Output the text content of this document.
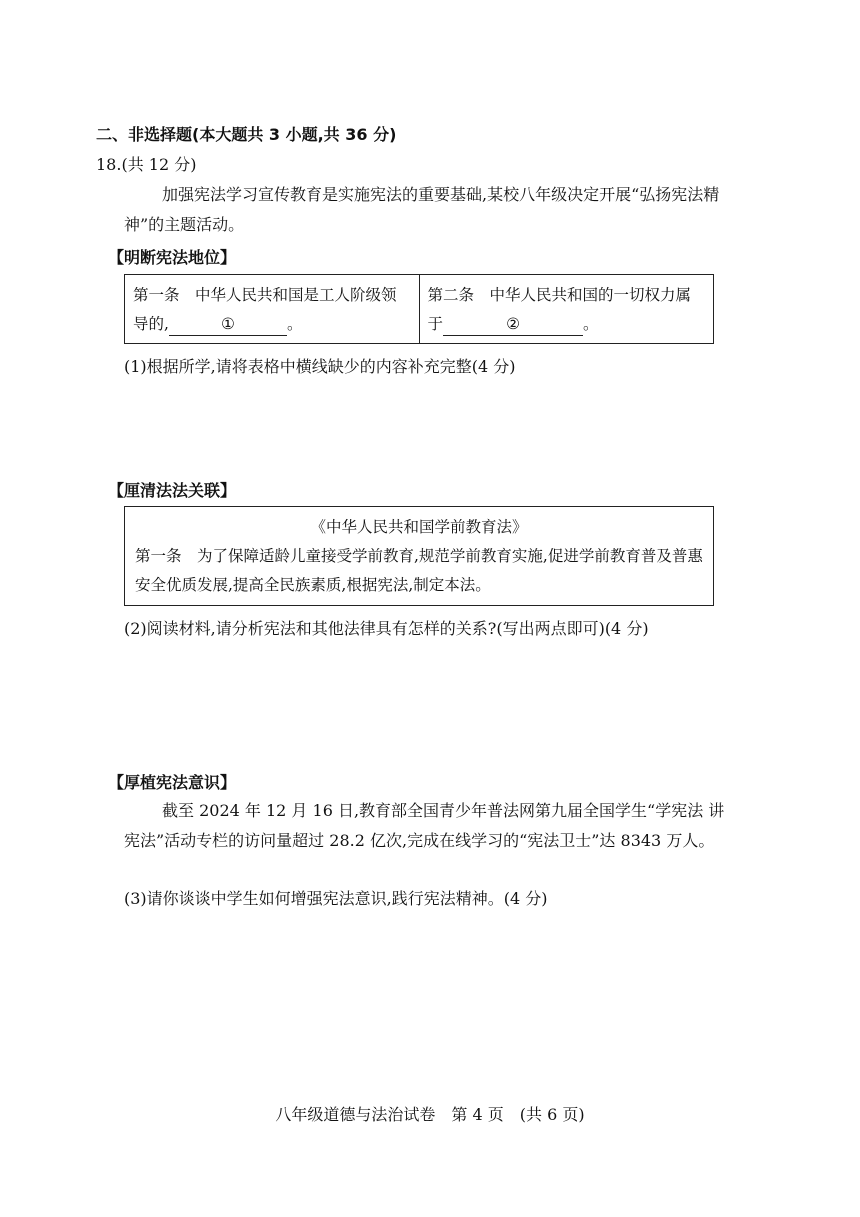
二、非选择题(本大题共 3 小题,共 36 分)
18.(共 12 分)
加强宪法学习宣传教育是实施宪法的重要基础,某校八年级决定开展“弘扬宪法精神”的主题活动。
【明断宪法地位】
第一条　中华人民共和国是工人阶级领导的,	①	。
第二条　中华人民共和国的一切权力属于	②	。
(1)根据所学,请将表格中横线缺少的内容补充完整(4 分)
【厘清法法关联】
《中华人民共和国学前教育法》
第一条　为了保障适龄儿童接受学前教育,规范学前教育实施,促进学前教育普及普惠安全优质发展,提高全民族素质,根据宪法,制定本法。
(2)阅读材料,请分析宪法和其他法律具有怎样的关系?(写出两点即可)(4 分)
【厚植宪法意识】
截至 2024 年 12 月 16 日,教育部全国青少年普法网第九届全国学生“学宪法 讲宪法”活动专栏的访问量超过 28.2 亿次,完成在线学习的“宪法卫士”达 8343 万人。
(3)请你谈谈中学生如何增强宪法意识,践行宪法精神。(4 分)
八年级道德与法治试卷　第 4 页　(共 6 页)
